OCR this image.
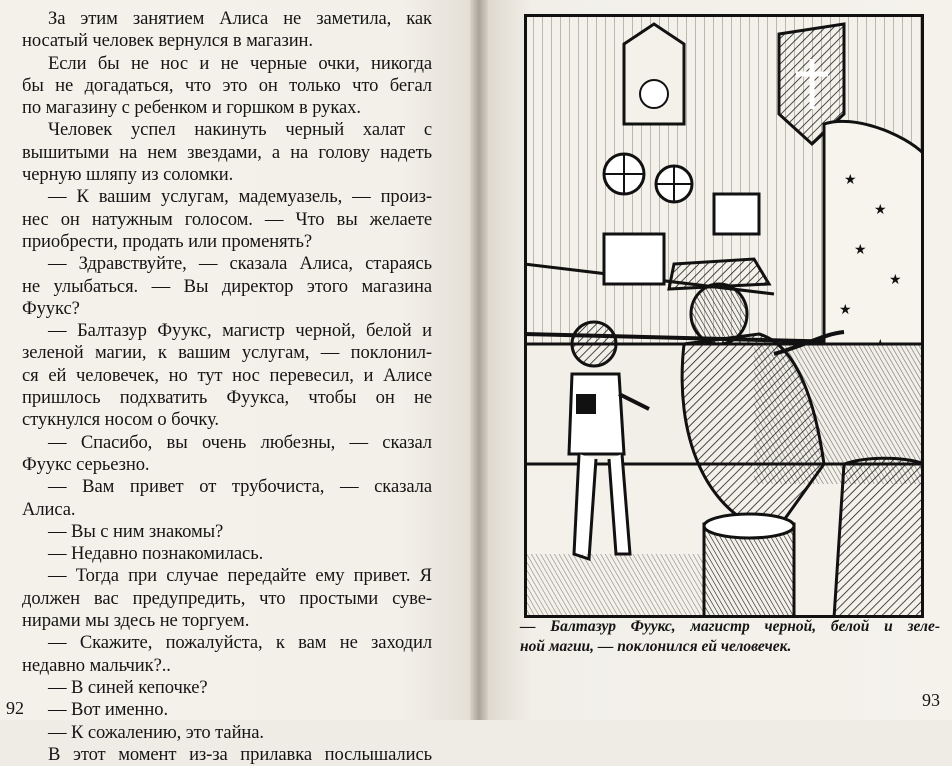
За этим занятием Алиса не заметила, как
носатый человек вернулся в магазин.
Если бы не нос и не черные очки, никогда
бы не догадаться, что это он только что бегал
по магазину с ребенком и горшком в руках.
Человек успел накинуть черный халат с
вышитыми на нем звездами, а на голову надеть
черную шляпу из соломки.
— К вашим услугам, мадемуазель, — произ-
нес он натужным голосом. — Что вы желаете
приобрести, продать или променять?
— Здравствуйте, — сказала Алиса, стараясь
не улыбаться. — Вы директор этого магазина
Фуукс?
— Балтазур Фуукс, магистр черной, белой и
зеленой магии, к вашим услугам, — поклонил-
ся ей человечек, но тут нос перевесил, и Алисе
пришлось подхватить Фуукса, чтобы он не
стукнулся носом о бочку.
— Спасибо, вы очень любезны, — сказал
Фуукс серьезно.
— Вам привет от трубочиста, — сказала
Алиса.
— Вы с ним знакомы?
— Недавно познакомилась.
— Тогда при случае передайте ему привет. Я
должен вас предупредить, что простыми суве-
нирами мы здесь не торгуем.
— Скажите, пожалуйста, к вам не заходил
недавно мальчик?..
— В синей кепочке?
— Вот именно.
— К сожалению, это тайна.
В этот момент из-за прилавка послышались
92
★
★
★
★
★
— Балтазур Фуукс, магистр черной, белой и зеле-
ной магии, — поклонился ей человечек.
93
